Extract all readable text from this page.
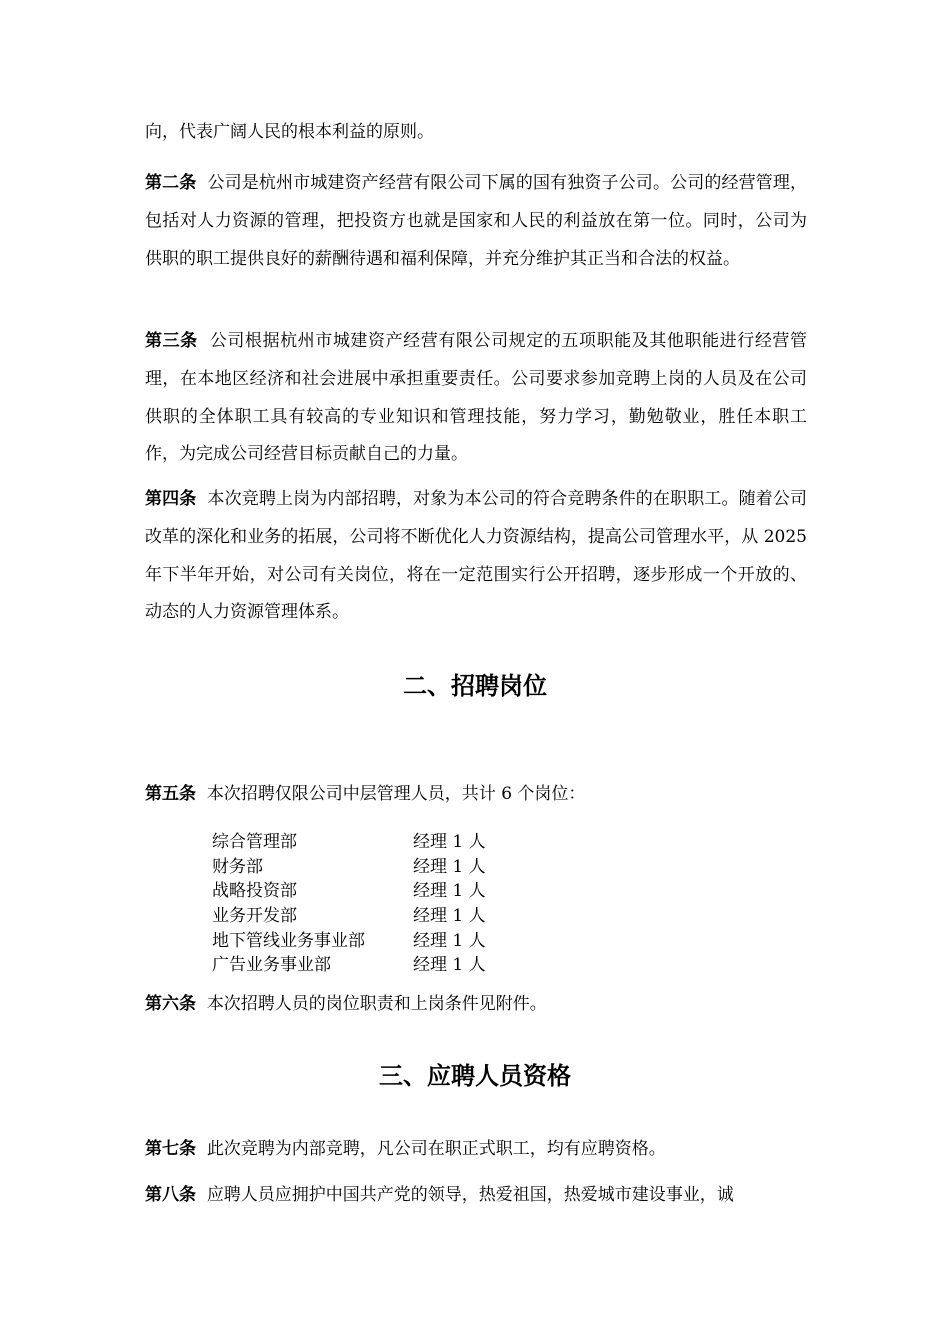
向，代表广阔人民的根本利益的原则。

第二条 公司是杭州市城建资产经营有限公司下属的国有独资子公司。公司的经营管理，包括对人力资源的管理，把投资方也就是国家和人民的利益放在第一位。同时，公司为供职的职工提供良好的薪酬待遇和福利保障，并充分维护其正当和合法的权益。

第三条 公司根据杭州市城建资产经营有限公司规定的五项职能及其他职能进行经营管理，在本地区经济和社会进展中承担重要责任。公司要求参加竞聘上岗的人员及在公司供职的全体职工具有较高的专业知识和管理技能，努力学习，勤勉敬业，胜任本职工作，为完成公司经营目标贡献自己的力量。

第四条 本次竞聘上岗为内部招聘，对象为本公司的符合竞聘条件的在职职工。随着公司改革的深化和业务的拓展，公司将不断优化人力资源结构，提高公司管理水平，从 2025 年下半年开始，对公司有关岗位，将在一定范围实行公开招聘，逐步形成一个开放的、动态的人力资源管理体系。

二、招聘岗位

第五条 本次招聘仅限公司中层管理人员，共计 6 个岗位：

综合管理部	经理 1 人
财务部	经理 1 人
战略投资部	经理 1 人
业务开发部	经理 1 人
地下管线业务事业部	经理 1 人
广告业务事业部	经理 1 人

第六条 本次招聘人员的岗位职责和上岗条件见附件。

三、应聘人员资格

第七条 此次竞聘为内部竞聘，凡公司在职正式职工，均有应聘资格。

第八条 应聘人员应拥护中国共产党的领导，热爱祖国，热爱城市建设事业，诚
